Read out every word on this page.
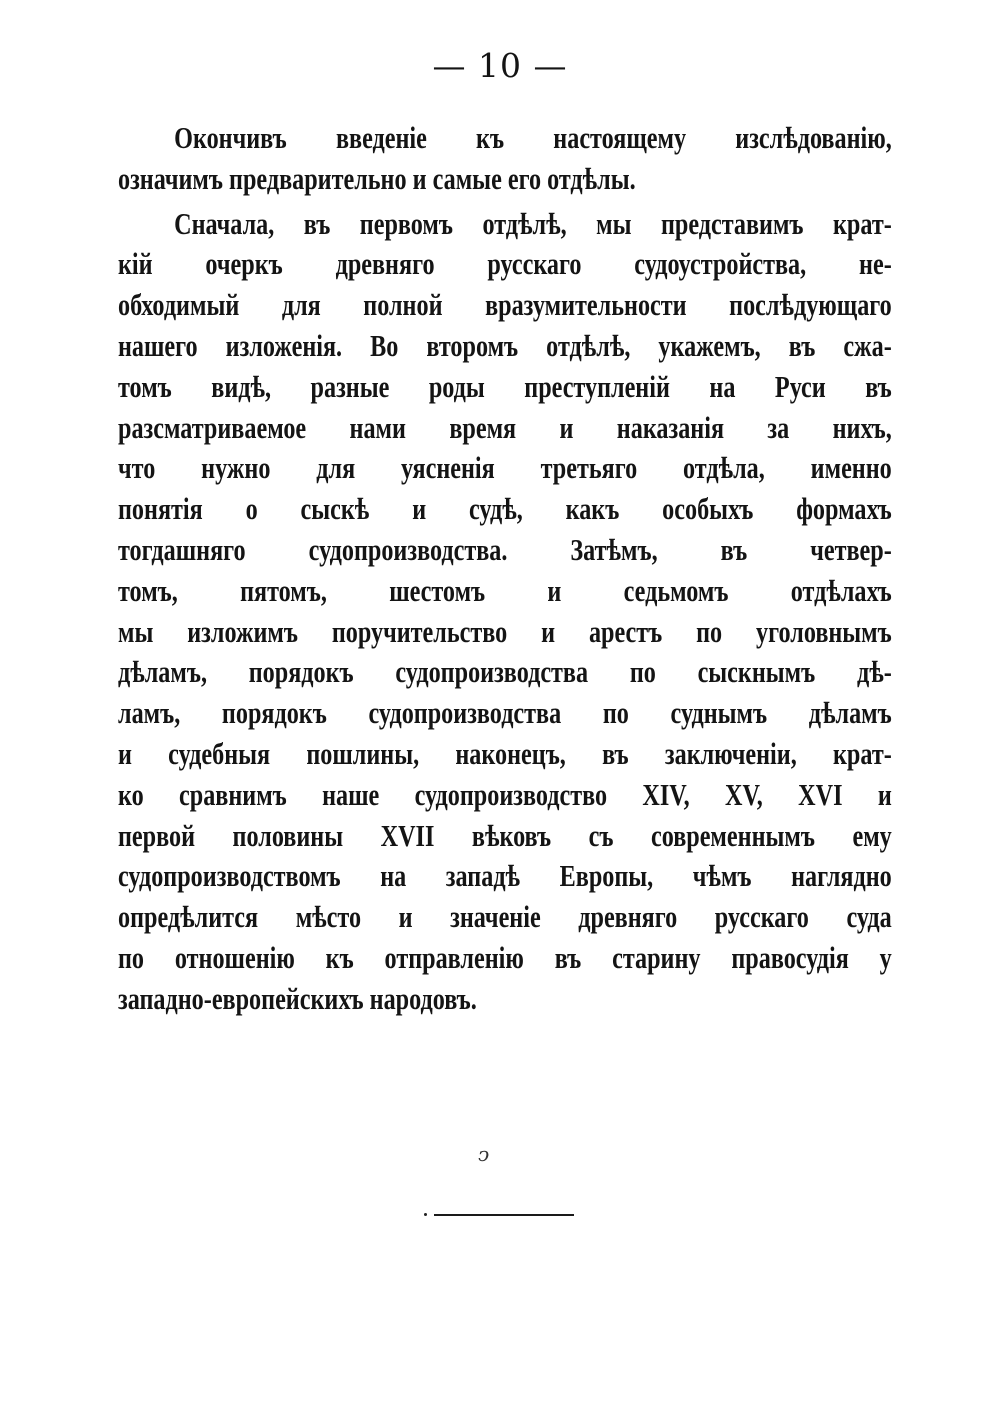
— 10 —
Окончивъ введеніе къ настоящему изслѣдованію,
означимъ предварительно и самые его отдѣлы.
Сначала, въ первомъ отдѣлѣ, мы представимъ крат-
кій очеркъ древняго русскаго судоустройства, не-
обходимый для полной вразумительности послѣдующаго
нашего изложенія. Во второмъ отдѣлѣ, укажемъ, въ сжа-
томъ видѣ, разные роды преступленій на Руси въ
разсматриваемое нами время и наказанія за нихъ,
что нужно для уясненія третьяго отдѣла, именно
понятія о сыскѣ и судѣ, какъ особыхъ формахъ
тогдашняго судопроизводства. Затѣмъ, въ четвер-
томъ, пятомъ, шестомъ и седьмомъ отдѣлахъ
мы изложимъ поручительство и арестъ по уголовнымъ
дѣламъ, порядокъ судопроизводства по сыскнымъ дѣ-
ламъ, порядокъ судопроизводства по суднымъ дѣламъ
и судебныя пошлины, наконецъ, въ заключеніи, крат-
ко сравнимъ наше судопроизводство XIV, XV, XVI и
первой половины XVII вѣковъ съ современнымъ ему
судопроизводствомъ на западѣ Европы, чѣмъ наглядно
опредѣлится мѣсто и значеніе древняго русскаго суда
по отношенію къ отправленію въ старину правосудія у
западно-европейскихъ народовъ.
ↄ
